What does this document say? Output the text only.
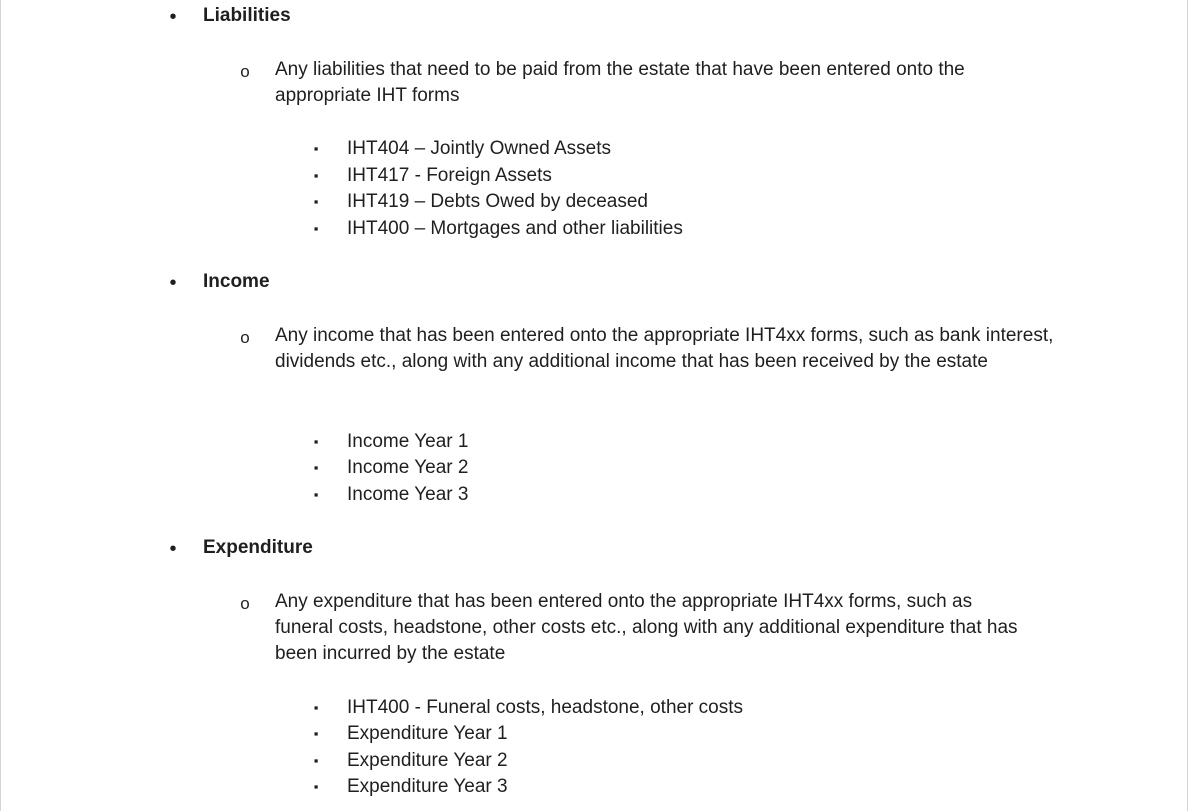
•	Liabilities
o Any liabilities that need to be paid from the estate that have been entered onto the appropriate IHT forms
▪ IHT404 – Jointly Owned Assets
▪ IHT417 - Foreign Assets
▪ IHT419 – Debts Owed by deceased
▪ IHT400 – Mortgages and other liabilities
•	Income
o Any income that has been entered onto the appropriate IHT4xx forms, such as bank interest, dividends etc., along with any additional income that has been received by the estate
▪ Income Year 1
▪ Income Year 2
▪ Income Year 3
•	Expenditure
o Any expenditure that has been entered onto the appropriate IHT4xx forms, such as funeral costs, headstone, other costs etc., along with any additional expenditure that has been incurred by the estate
▪ IHT400 - Funeral costs, headstone, other costs
▪ Expenditure Year 1
▪ Expenditure Year 2
▪ Expenditure Year 3
